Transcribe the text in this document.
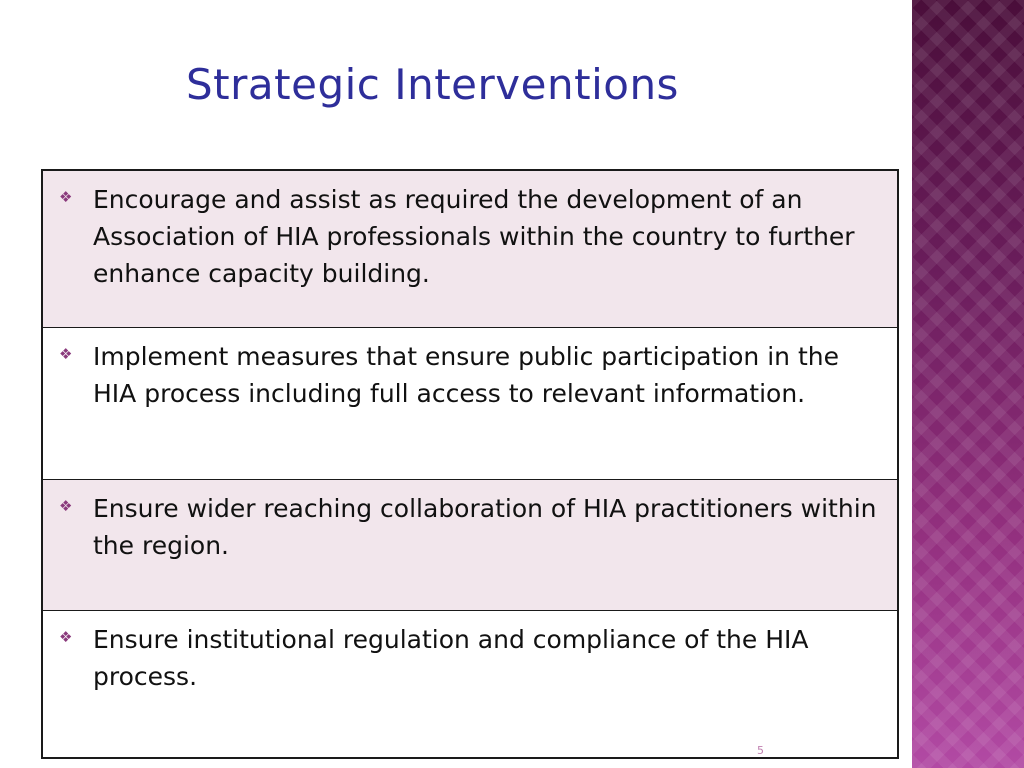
Strategic Interventions
❖ Encourage and assist as required the development of an Association of HIA professionals within the country to further enhance capacity building.
❖ Implement measures that ensure public participation in the HIA process including full access to relevant information.
❖ Ensure wider reaching collaboration of HIA practitioners within the region.
❖ Ensure institutional regulation and compliance of the HIA process.
5
